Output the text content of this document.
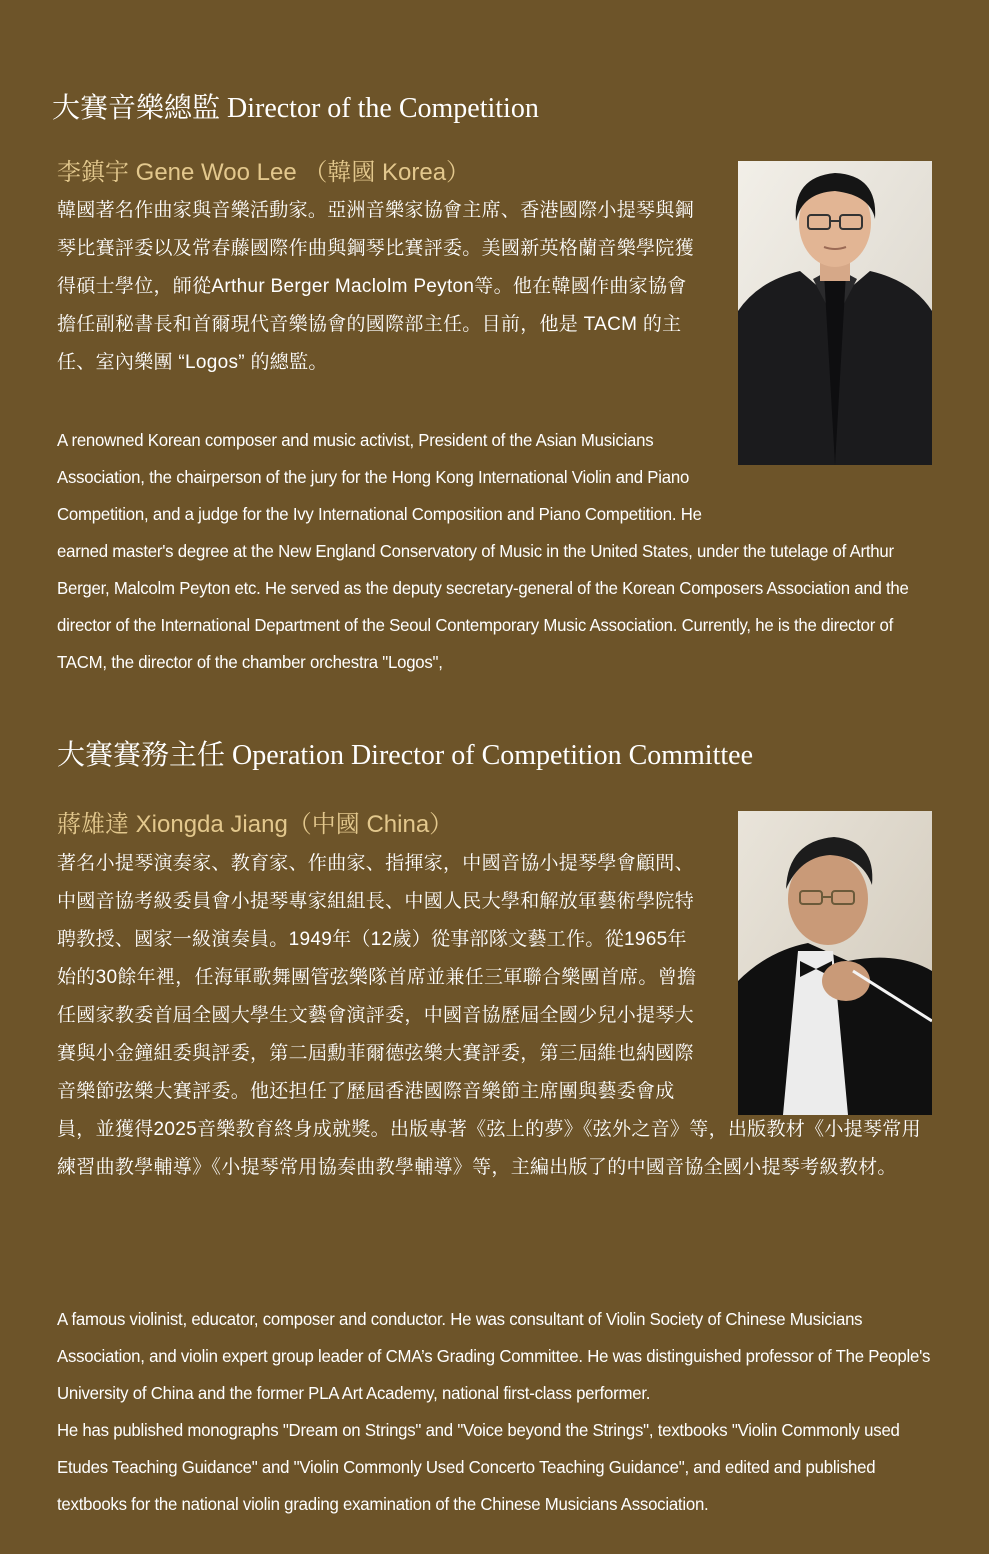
大賽音樂總監 Director of the Competition
李鎮宇 Gene Woo Lee （韓國 Korea）
韓國著名作曲家與音樂活動家。亞洲音樂家協會主席、香港國際小提琴與鋼琴比賽評委以及常春藤國際作曲與鋼琴比賽評委。美國新英格蘭音樂學院獲得碩士學位，師從Arthur Berger Maclolm Peyton等。他在韓國作曲家協會擔任副秘書長和首爾現代音樂協會的國際部主任。目前，他是 TACM 的主任、室內樂團 “Logos” 的總監。
A renowned Korean composer and music activist, President of the Asian Musicians Association, the chairperson of the jury for the Hong Kong International Violin and Piano Competition, and a judge for the Ivy International Composition and Piano Competition. He earned master's degree at the New England Conservatory of Music in the United States, under the tutelage of Arthur Berger, Malcolm Peyton etc. He served as the deputy secretary-general of the Korean Composers Association and the director of the International Department of the Seoul Contemporary Music Association. Currently, he is the director of TACM, the director of the chamber orchestra "Logos",
大賽賽務主任 Operation Director of Competition Committee
蔣雄達 Xiongda Jiang（中國 China）
著名小提琴演奏家、教育家、作曲家、指揮家，中國音協小提琴學會顧問、中國音協考級委員會小提琴專家組組長、中國人民大學和解放軍藝術學院特聘教授、國家一級演奏員。1949年（12歲）從事部隊文藝工作。從1965年始的30餘年裡，任海軍歌舞團管弦樂隊首席並兼任三軍聯合樂團首席。曾擔任國家教委首屆全國大學生文藝會演評委，中國音協歷屆全國少兒小提琴大賽與小金鐘組委與評委，第二屆勳菲爾德弦樂大賽評委，第三屆維也納國際音樂節弦樂大賽評委。他还担任了歷屆香港國際音樂節主席團與藝委會成員，並獲得2025音樂教育終身成就獎。出版專著《弦上的夢》《弦外之音》等，出版教材《小提琴常用練習曲教學輔導》《小提琴常用協奏曲教學輔導》等，主編出版了的中國音協全國小提琴考級教材。
A famous violinist, educator, composer and conductor. He was consultant of Violin Society of Chinese Musicians Association, and violin expert group leader of CMA’s Grading Committee. He was distinguished professor of The People's University of China and the former PLA Art Academy, national first-class performer.
He has published monographs "Dream on Strings" and "Voice beyond the Strings", textbooks "Violin Commonly used Etudes Teaching Guidance" and "Violin Commonly Used Concerto Teaching Guidance", and edited and published textbooks for the national violin grading examination of the Chinese Musicians Association.
